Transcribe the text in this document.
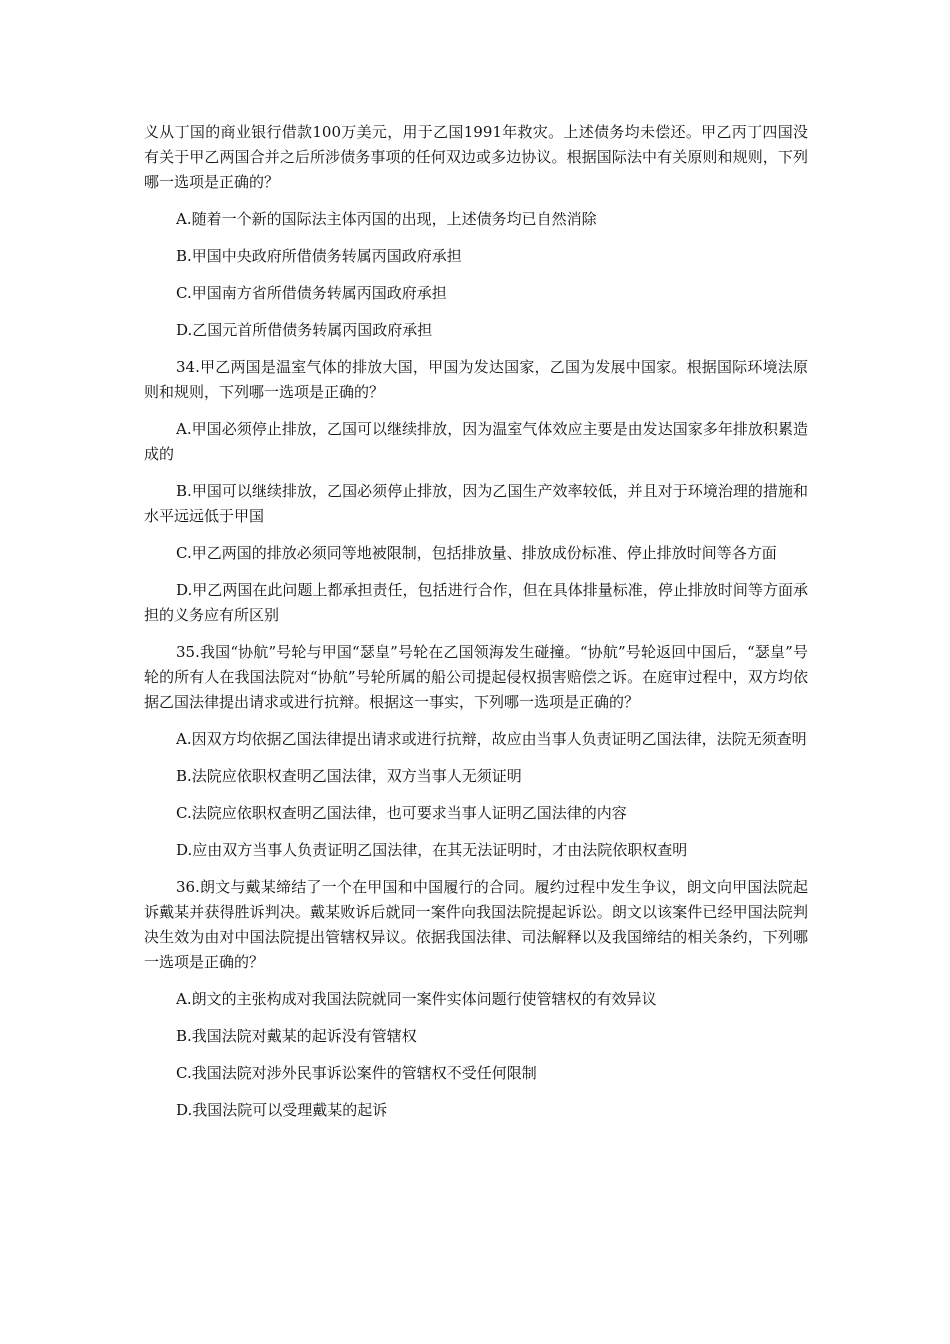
义从丁国的商业银行借款100万美元，用于乙国1991年救灾。上述债务均未偿还。甲乙丙丁四国没有关于甲乙两国合并之后所涉债务事项的任何双边或多边协议。根据国际法中有关原则和规则，下列哪一选项是正确的？

A.随着一个新的国际法主体丙国的出现，上述债务均已自然消除

B.甲国中央政府所借债务转属丙国政府承担

C.甲国南方省所借债务转属丙国政府承担

D.乙国元首所借债务转属丙国政府承担

34.甲乙两国是温室气体的排放大国，甲国为发达国家，乙国为发展中国家。根据国际环境法原则和规则，下列哪一选项是正确的？

A.甲国必须停止排放，乙国可以继续排放，因为温室气体效应主要是由发达国家多年排放积累造成的

B.甲国可以继续排放，乙国必须停止排放，因为乙国生产效率较低，并且对于环境治理的措施和水平远远低于甲国

C.甲乙两国的排放必须同等地被限制，包括排放量、排放成份标准、停止排放时间等各方面

D.甲乙两国在此问题上都承担责任，包括进行合作，但在具体排量标准，停止排放时间等方面承担的义务应有所区别

35.我国“协航”号轮与甲国“瑟皇”号轮在乙国领海发生碰撞。“协航”号轮返回中国后，“瑟皇”号轮的所有人在我国法院对“协航”号轮所属的船公司提起侵权损害赔偿之诉。在庭审过程中，双方均依据乙国法律提出请求或进行抗辩。根据这一事实，下列哪一选项是正确的？

A.因双方均依据乙国法律提出请求或进行抗辩，故应由当事人负责证明乙国法律，法院无须查明

B.法院应依职权查明乙国法律，双方当事人无须证明

C.法院应依职权查明乙国法律，也可要求当事人证明乙国法律的内容

D.应由双方当事人负责证明乙国法律，在其无法证明时，才由法院依职权查明

36.朗文与戴某缔结了一个在甲国和中国履行的合同。履约过程中发生争议，朗文向甲国法院起诉戴某并获得胜诉判决。戴某败诉后就同一案件向我国法院提起诉讼。朗文以该案件已经甲国法院判决生效为由对中国法院提出管辖权异议。依据我国法律、司法解释以及我国缔结的相关条约，下列哪一选项是正确的？

A.朗文的主张构成对我国法院就同一案件实体问题行使管辖权的有效异议

B.我国法院对戴某的起诉没有管辖权

C.我国法院对涉外民事诉讼案件的管辖权不受任何限制

D.我国法院可以受理戴某的起诉
